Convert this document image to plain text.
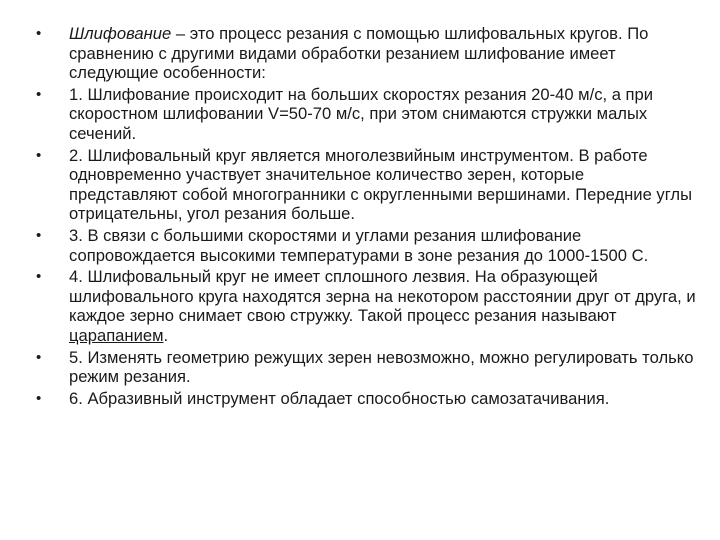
•	Шлифование – это процесс резания с помощью шлифовальных кругов. По сравнению с другими видами обработки резанием шлифование имеет следующие особенности:
•	1. Шлифование происходит на больших скоростях резания 20-40 м/с, а при скоростном шлифовании V=50-70 м/с, при этом снимаются стружки малых сечений.
•	2. Шлифовальный круг является многолезвийным инструментом. В работе одновременно участвует значительное количество зерен, которые представляют собой многогранники с округленными вершинами. Передние углы отрицательны, угол резания больше.
•	3. В связи с большими скоростями и углами резания шлифование сопровождается высокими температурами в зоне резания до 1000-1500 С.
•	4. Шлифовальный круг не имеет сплошного лезвия. На образующей шлифовального круга находятся зерна на некотором расстоянии друг от друга, и каждое зерно снимает свою стружку. Такой процесс резания называют царапанием.
•	5. Изменять геометрию режущих зерен невозможно, можно регулировать только режим резания.
•	6. Абразивный инструмент обладает способностью самозатачивания.
